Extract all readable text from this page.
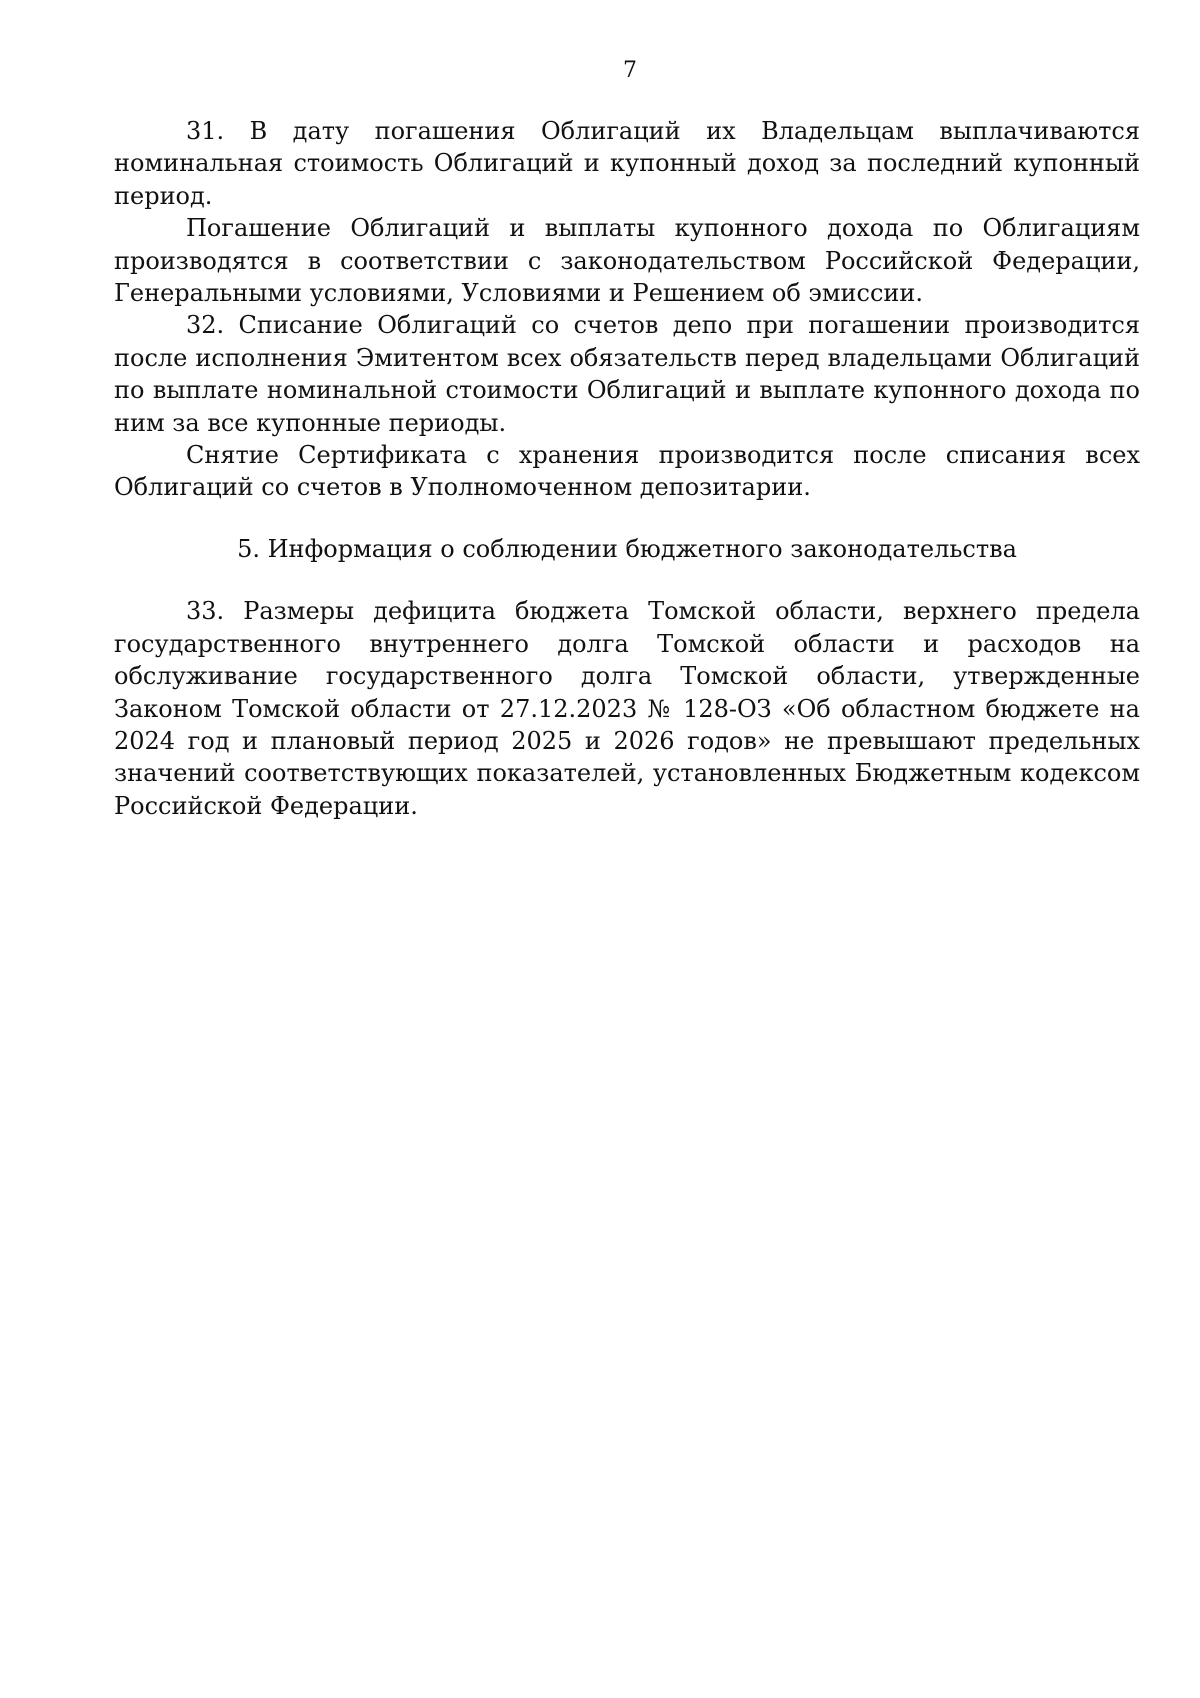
7

31. В дату погашения Облигаций их Владельцам выплачиваются номинальная стоимость Облигаций и купонный доход за последний купонный период.

Погашение Облигаций и выплаты купонного дохода по Облигациям производятся в соответствии с законодательством Российской Федерации, Генеральными условиями, Условиями и Решением об эмиссии.

32. Списание Облигаций со счетов депо при погашении производится после исполнения Эмитентом всех обязательств перед владельцами Облигаций по выплате номинальной стоимости Облигаций и выплате купонного дохода по ним за все купонные периоды.

Снятие Сертификата с хранения производится после списания всех Облигаций со счетов в Уполномоченном депозитарии.

5. Информация о соблюдении бюджетного законодательства

33. Размеры дефицита бюджета Томской области, верхнего предела государственного внутреннего долга Томской области и расходов на обслуживание государственного долга Томской области, утвержденные Законом Томской области от 27.12.2023 № 128-ОЗ «Об областном бюджете на 2024 год и плановый период 2025 и 2026 годов» не превышают предельных значений соответствующих показателей, установленных Бюджетным кодексом Российской Федерации.
